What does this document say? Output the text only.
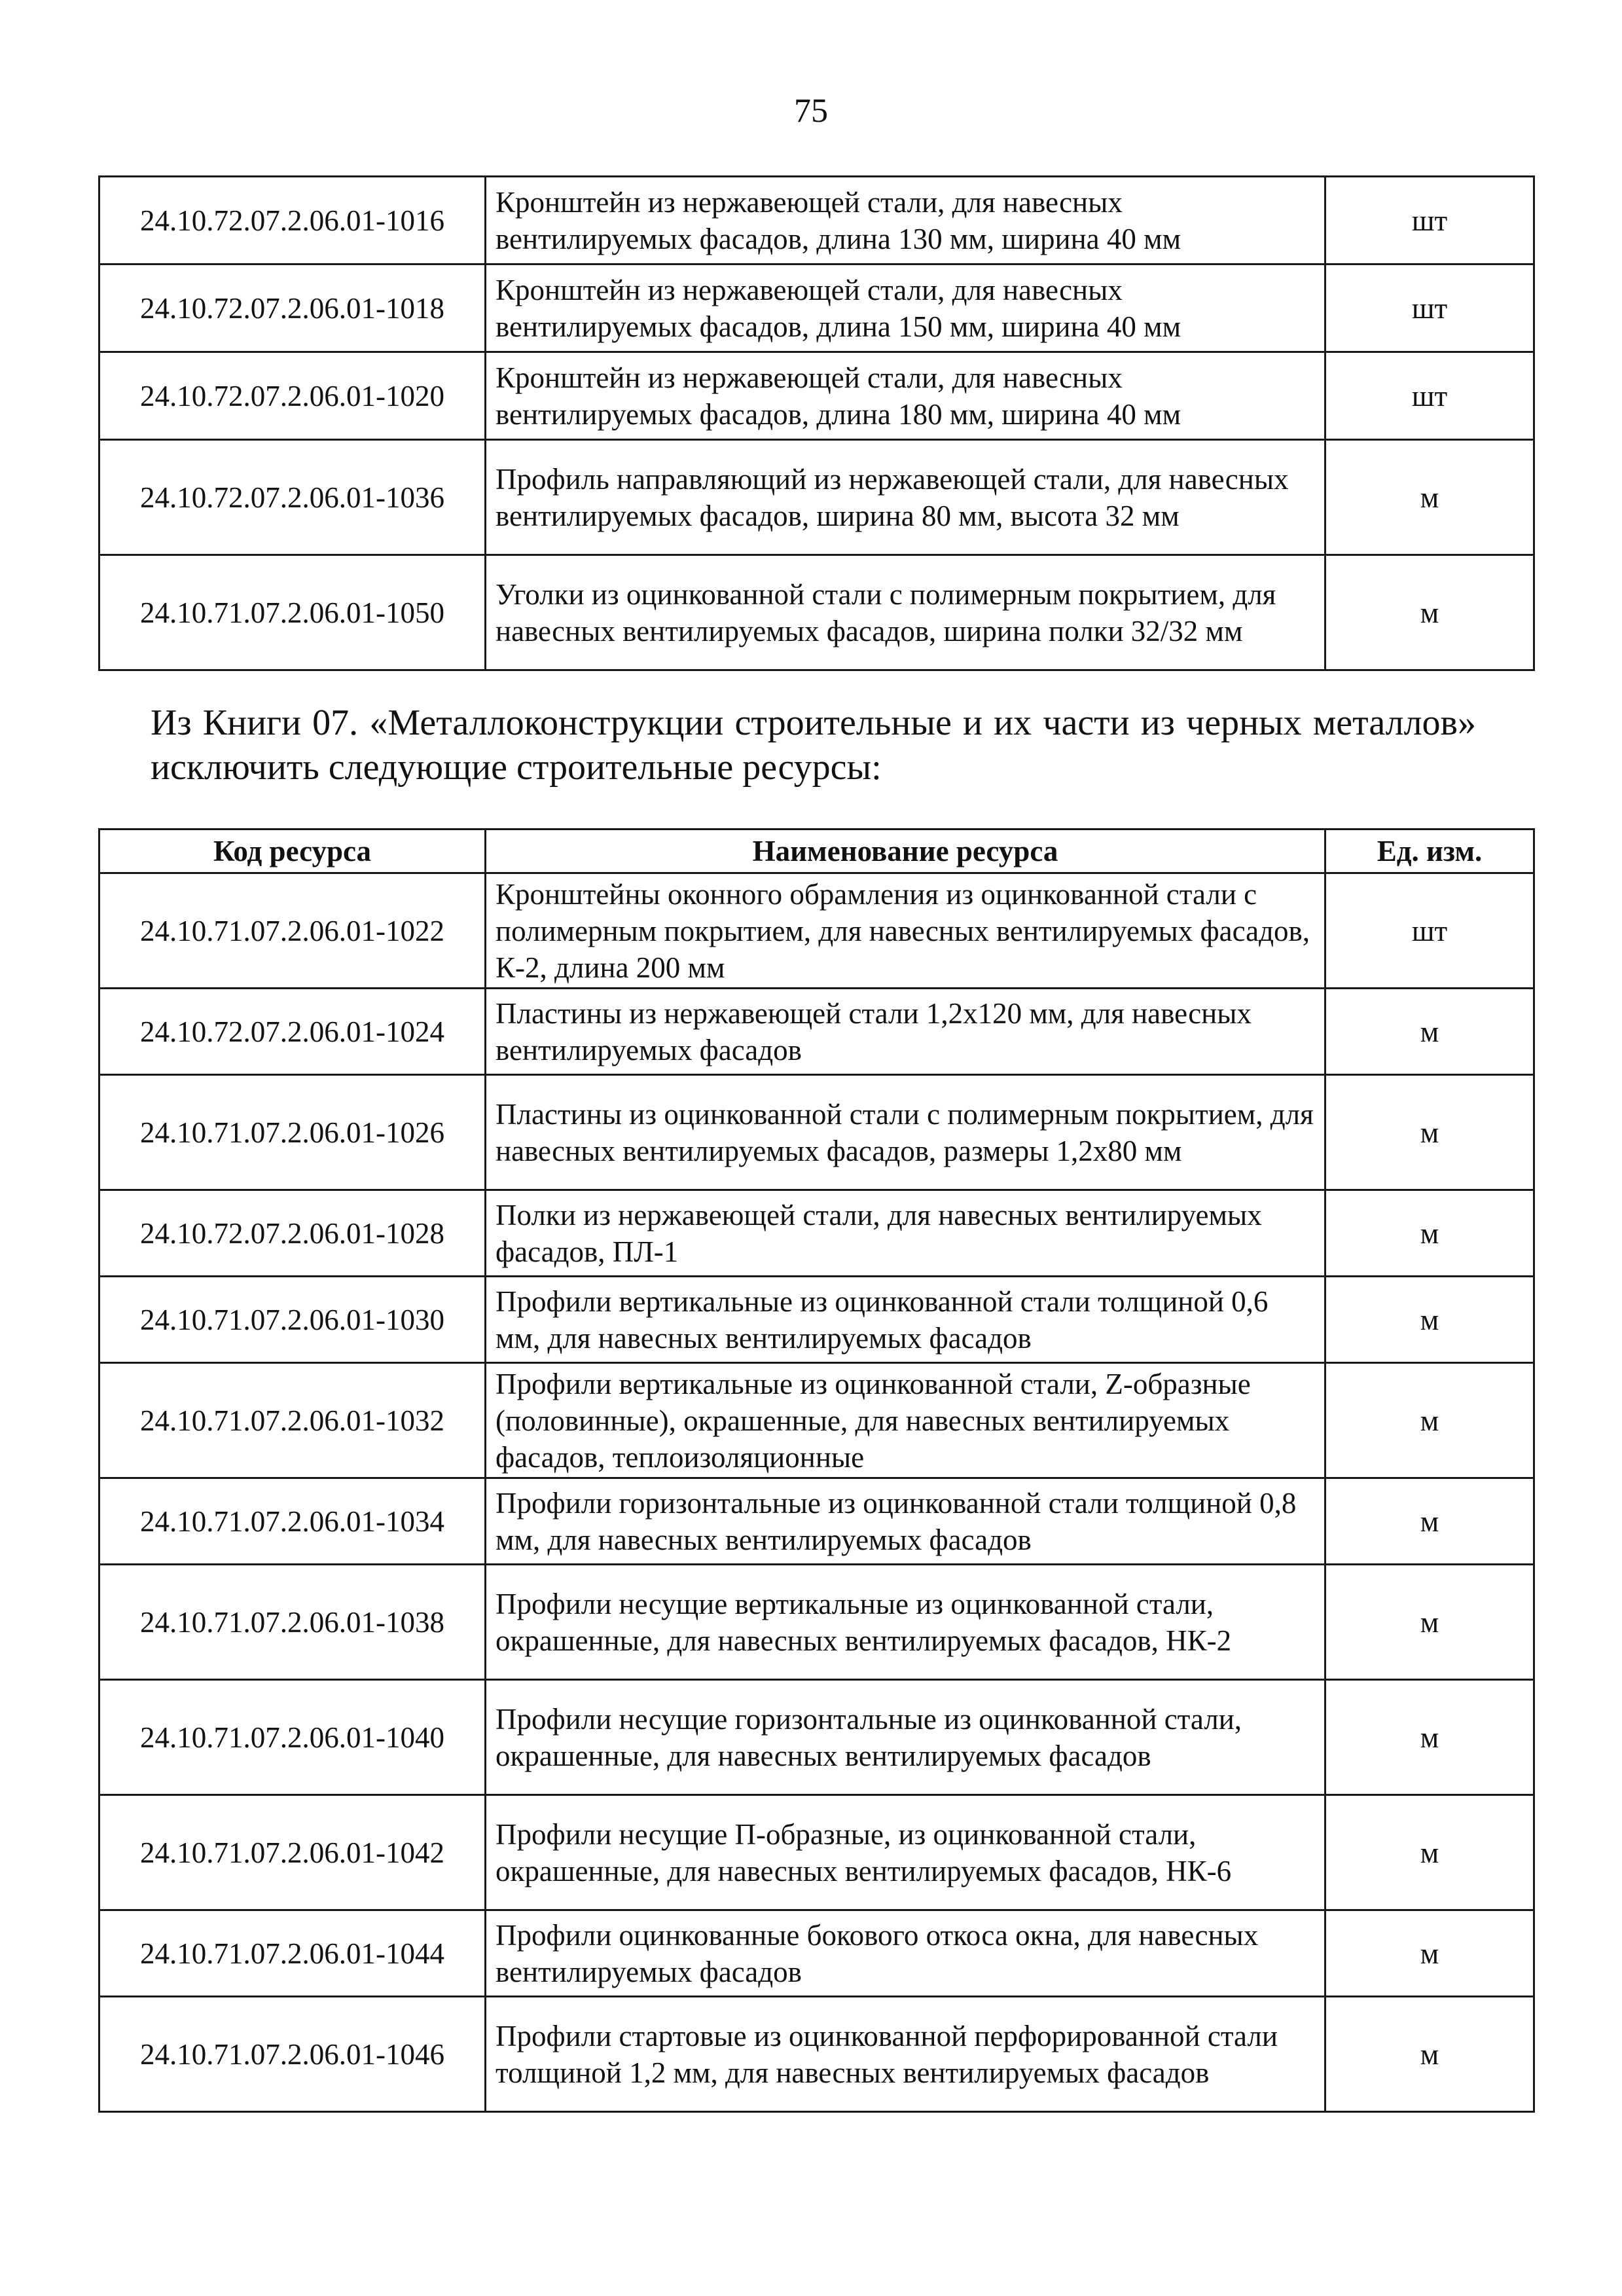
75
24.10.72.07.2.06.01-1016	Кронштейн из нержавеющей стали, для навесных вентилируемых фасадов, длина 130 мм, ширина 40 мм	шт
24.10.72.07.2.06.01-1018	Кронштейн из нержавеющей стали, для навесных вентилируемых фасадов, длина 150 мм, ширина 40 мм	шт
24.10.72.07.2.06.01-1020	Кронштейн из нержавеющей стали, для навесных вентилируемых фасадов, длина 180 мм, ширина 40 мм	шт
24.10.72.07.2.06.01-1036	Профиль направляющий из нержавеющей стали, для навесных вентилируемых фасадов, ширина 80 мм, высота 32 мм	м
24.10.71.07.2.06.01-1050	Уголки из оцинкованной стали с полимерным покрытием, для навесных вентилируемых фасадов, ширина полки 32/32 мм	м
Из Книги 07. «Металлоконструкции строительные и их части из черных металлов» исключить следующие строительные ресурсы:
Код ресурса	Наименование ресурса	Ед. изм.
24.10.71.07.2.06.01-1022	Кронштейны оконного обрамления из оцинкованной стали с полимерным покрытием, для навесных вентилируемых фасадов, К-2, длина 200 мм	шт
24.10.72.07.2.06.01-1024	Пластины из нержавеющей стали 1,2х120 мм, для навесных вентилируемых фасадов	м
24.10.71.07.2.06.01-1026	Пластины из оцинкованной стали с полимерным покрытием, для навесных вентилируемых фасадов, размеры 1,2х80 мм	м
24.10.72.07.2.06.01-1028	Полки из нержавеющей стали, для навесных вентилируемых фасадов, ПЛ-1	м
24.10.71.07.2.06.01-1030	Профили вертикальные из оцинкованной стали толщиной 0,6 мм, для навесных вентилируемых фасадов	м
24.10.71.07.2.06.01-1032	Профили вертикальные из оцинкованной стали, Z-образные (половинные), окрашенные, для навесных вентилируемых фасадов, теплоизоляционные	м
24.10.71.07.2.06.01-1034	Профили горизонтальные из оцинкованной стали толщиной 0,8 мм, для навесных вентилируемых фасадов	м
24.10.71.07.2.06.01-1038	Профили несущие вертикальные из оцинкованной стали, окрашенные, для навесных вентилируемых фасадов, НК-2	м
24.10.71.07.2.06.01-1040	Профили несущие горизонтальные из оцинкованной стали, окрашенные, для навесных вентилируемых фасадов	м
24.10.71.07.2.06.01-1042	Профили несущие П-образные, из оцинкованной стали, окрашенные, для навесных вентилируемых фасадов, НК-6	м
24.10.71.07.2.06.01-1044	Профили оцинкованные бокового откоса окна, для навесных вентилируемых фасадов	м
24.10.71.07.2.06.01-1046	Профили стартовые из оцинкованной перфорированной стали толщиной 1,2 мм, для навесных вентилируемых фасадов	м
